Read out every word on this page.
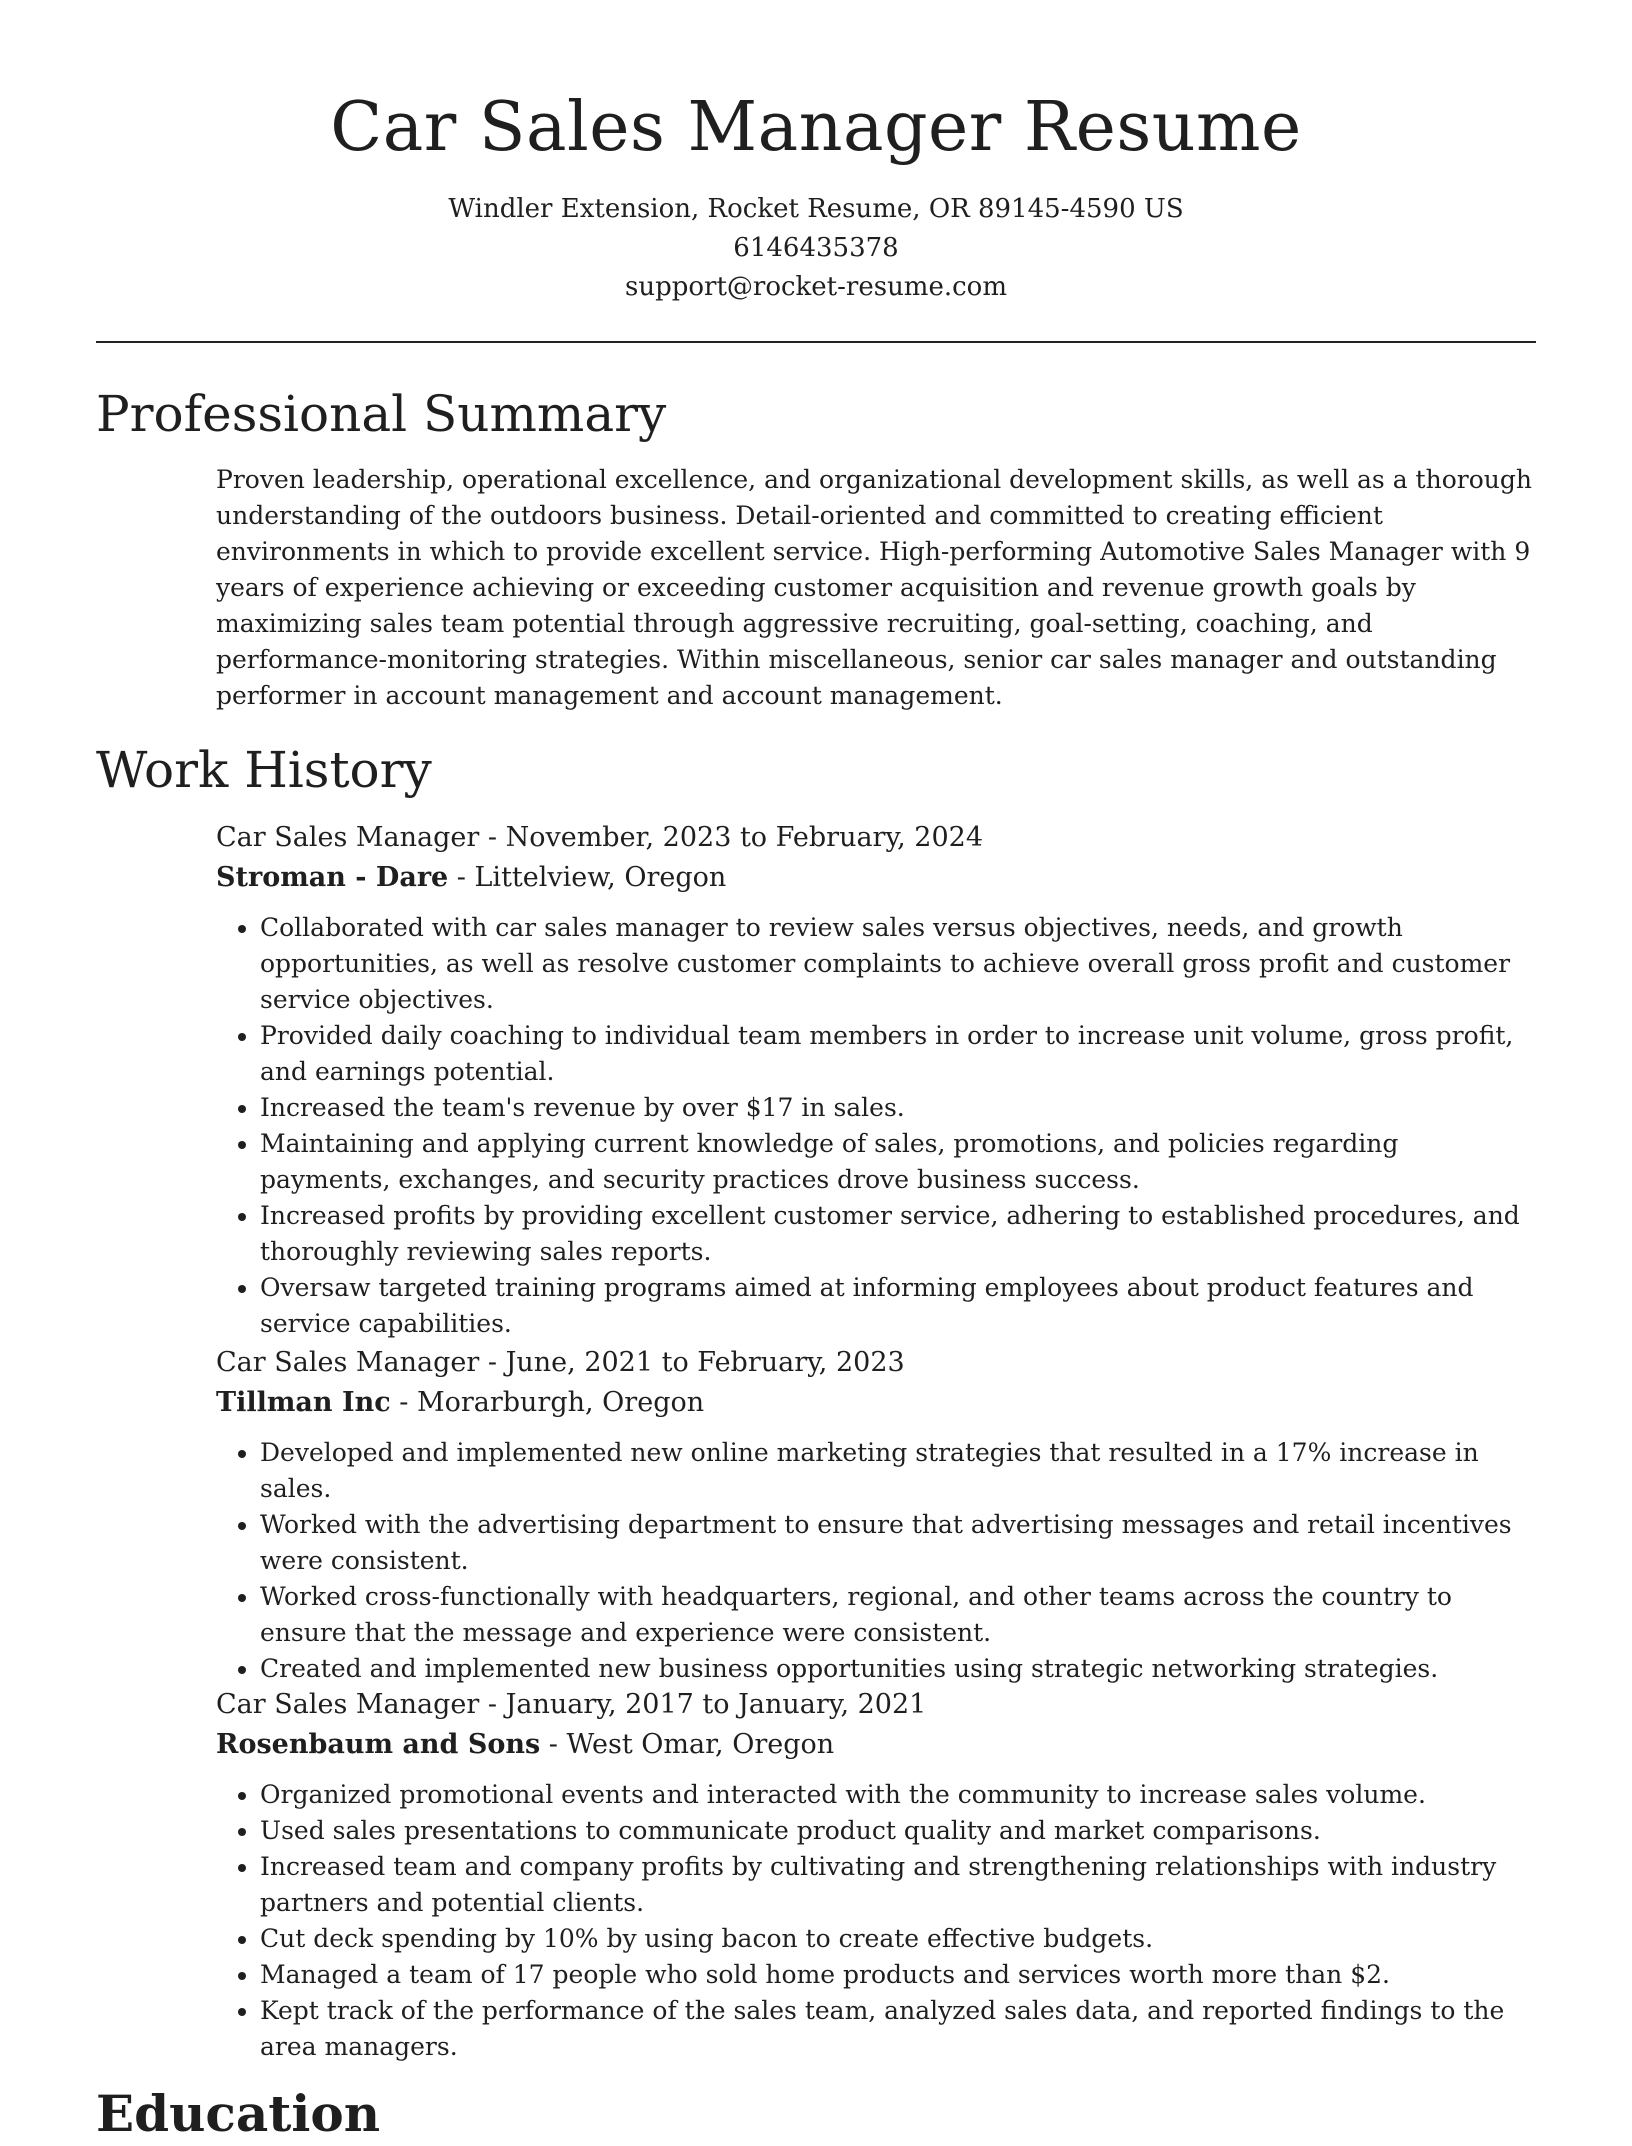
Car Sales Manager Resume
Windler Extension, Rocket Resume, OR 89145-4590 US
6146435378
support@rocket-resume.com
Professional Summary

Proven leadership, operational excellence, and organizational development skills, as well as a thorough understanding of the outdoors business. Detail-oriented and committed to creating efficient environments in which to provide excellent service. High-performing Automotive Sales Manager with 9 years of experience achieving or exceeding customer acquisition and revenue growth goals by maximizing sales team potential through aggressive recruiting, goal-setting, coaching, and performance-monitoring strategies. Within miscellaneous, senior car sales manager and outstanding performer in account management and account management.

Work History
Car Sales Manager - November, 2023 to February, 2024
Stroman - Dare - Littelview, Oregon
• Collaborated with car sales manager to review sales versus objectives, needs, and growth opportunities, as well as resolve customer complaints to achieve overall gross profit and customer service objectives.
• Provided daily coaching to individual team members in order to increase unit volume, gross profit, and earnings potential.
• Increased the team's revenue by over $17 in sales.
• Maintaining and applying current knowledge of sales, promotions, and policies regarding payments, exchanges, and security practices drove business success.
• Increased profits by providing excellent customer service, adhering to established procedures, and thoroughly reviewing sales reports.
• Oversaw targeted training programs aimed at informing employees about product features and service capabilities.
Car Sales Manager - June, 2021 to February, 2023
Tillman Inc - Morarburgh, Oregon
• Developed and implemented new online marketing strategies that resulted in a 17% increase in sales.
• Worked with the advertising department to ensure that advertising messages and retail incentives were consistent.
• Worked cross-functionally with headquarters, regional, and other teams across the country to ensure that the message and experience were consistent.
• Created and implemented new business opportunities using strategic networking strategies.
Car Sales Manager - January, 2017 to January, 2021
Rosenbaum and Sons - West Omar, Oregon
• Organized promotional events and interacted with the community to increase sales volume.
• Used sales presentations to communicate product quality and market comparisons.
• Increased team and company profits by cultivating and strengthening relationships with industry partners and potential clients.
• Cut deck spending by 10% by using bacon to create effective budgets.
• Managed a team of 17 people who sold home products and services worth more than $2.
• Kept track of the performance of the sales team, analyzed sales data, and reported findings to the area managers.
Education
